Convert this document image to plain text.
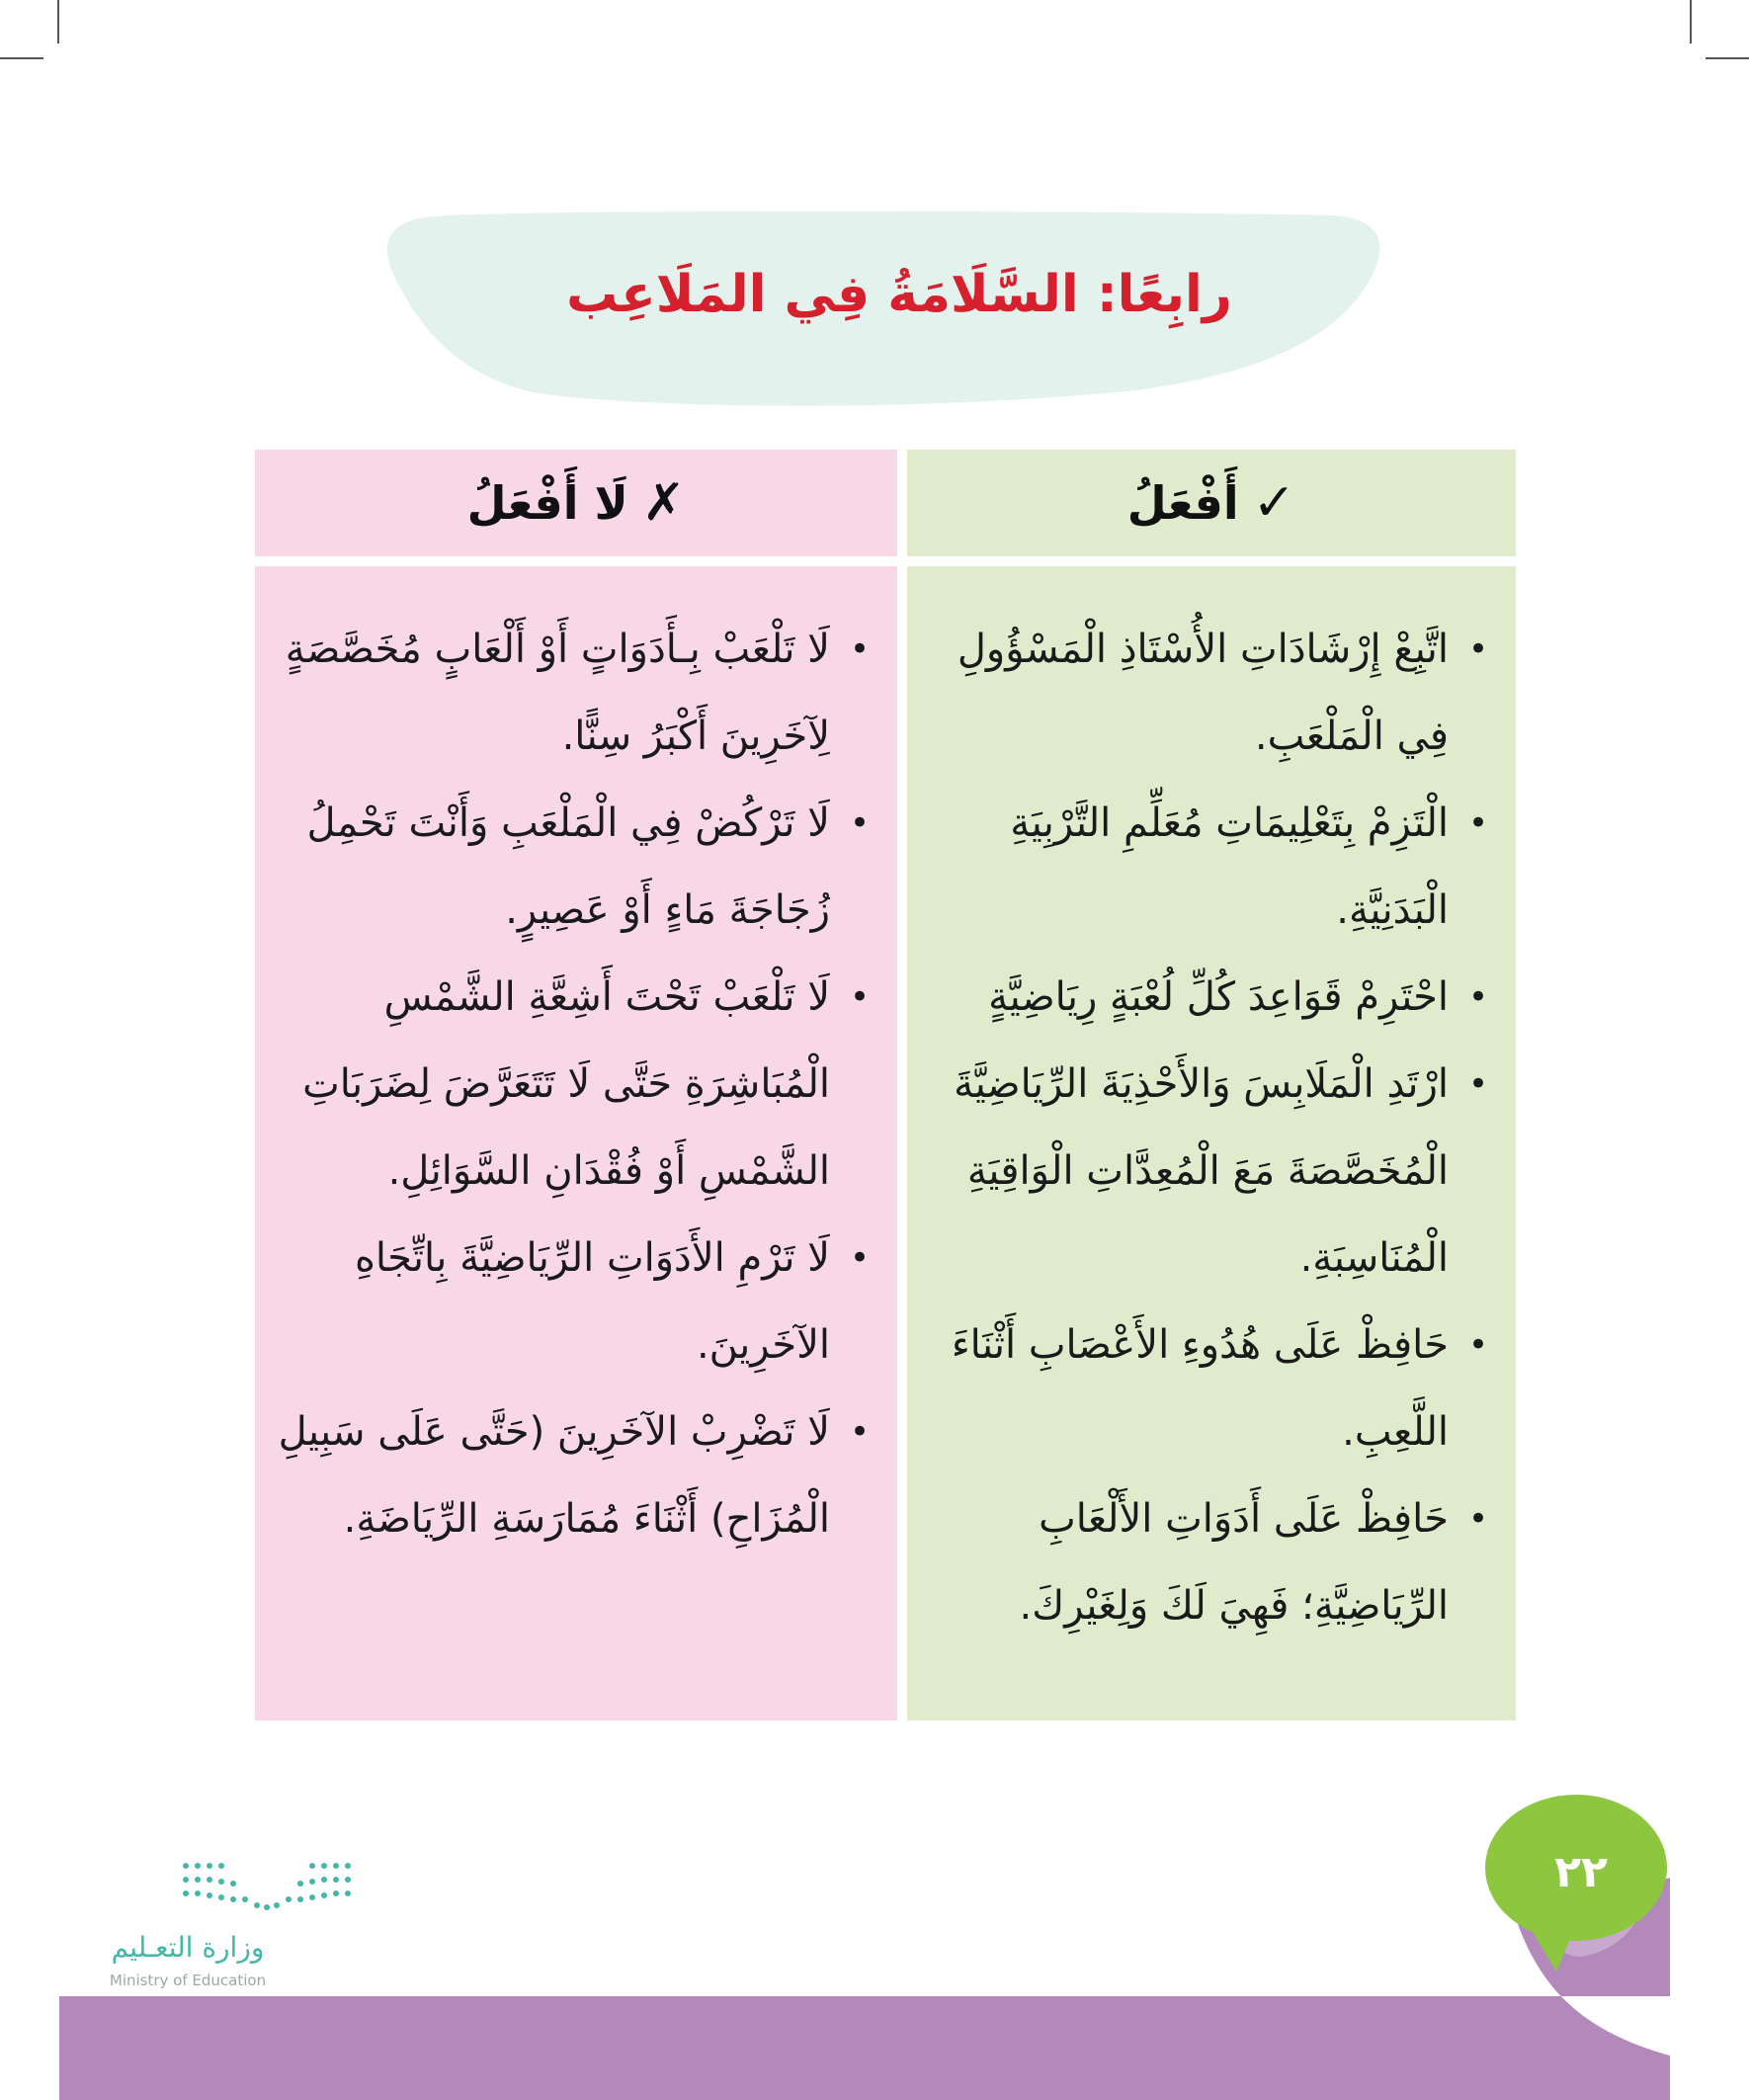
رابِعًا: السَّلَامَةُ فِي المَلَاعِب
✓
أَفْعَلُ
•
اتَّبِعْ إِرْشَادَاتِ الأُسْتَاذِ الْمَسْؤُولِ فِي الْمَلْعَبِ.
•
الْتَزِمْ بِتَعْلِيمَاتِ مُعَلِّمِ التَّرْبِيَةِ الْبَدَنِيَّةِ.
•
احْتَرِمْ قَوَاعِدَ كُلِّ لُعْبَةٍ رِيَاضِيَّةٍ
•
ارْتَدِ الْمَلَابِسَ وَالأَحْذِيَةَ الرِّيَاضِيَّةَ الْمُخَصَّصَةَ مَعَ الْمُعِدَّاتِ الْوَاقِيَةِ الْمُنَاسِبَةِ.
•
حَافِظْ عَلَى هُدُوءِ الأَعْصَابِ أَثْنَاءَ اللَّعِبِ.
•
حَافِظْ عَلَى أَدَوَاتِ الأَلْعَابِ الرِّيَاضِيَّةِ؛ فَهِيَ لَكَ وَلِغَيْرِكَ.
✗
لَا أَفْعَلُ
•
لَا تَلْعَبْ بِـأَدَوَاتٍ أَوْ أَلْعَابٍ مُخَصَّصَةٍ لِآخَرِينَ أَكْبَرُ سِنًّا.
•
لَا تَرْكُضْ فِي الْمَلْعَبِ وَأَنْتَ تَحْمِلُ زُجَاجَةَ مَاءٍ أَوْ عَصِيرٍ.
•
لَا تَلْعَبْ تَحْتَ أَشِعَّةِ الشَّمْسِ الْمُبَاشِرَةِ حَتَّى لَا تَتَعَرَّضَ لِضَرَبَاتِ الشَّمْسِ أَوْ فُقْدَانِ السَّوَائِلِ.
•
لَا تَرْمِ الأَدَوَاتِ الرِّيَاضِيَّةَ بِاتِّجَاهِ الآخَرِينَ.
•
لَا تَضْرِبْ الآخَرِينَ (حَتَّى عَلَى سَبِيلِ الْمُزَاحِ) أَثْنَاءَ مُمَارَسَةِ الرِّيَاضَةِ.
٢٢
وزارة التعـليم
Ministry of Education
